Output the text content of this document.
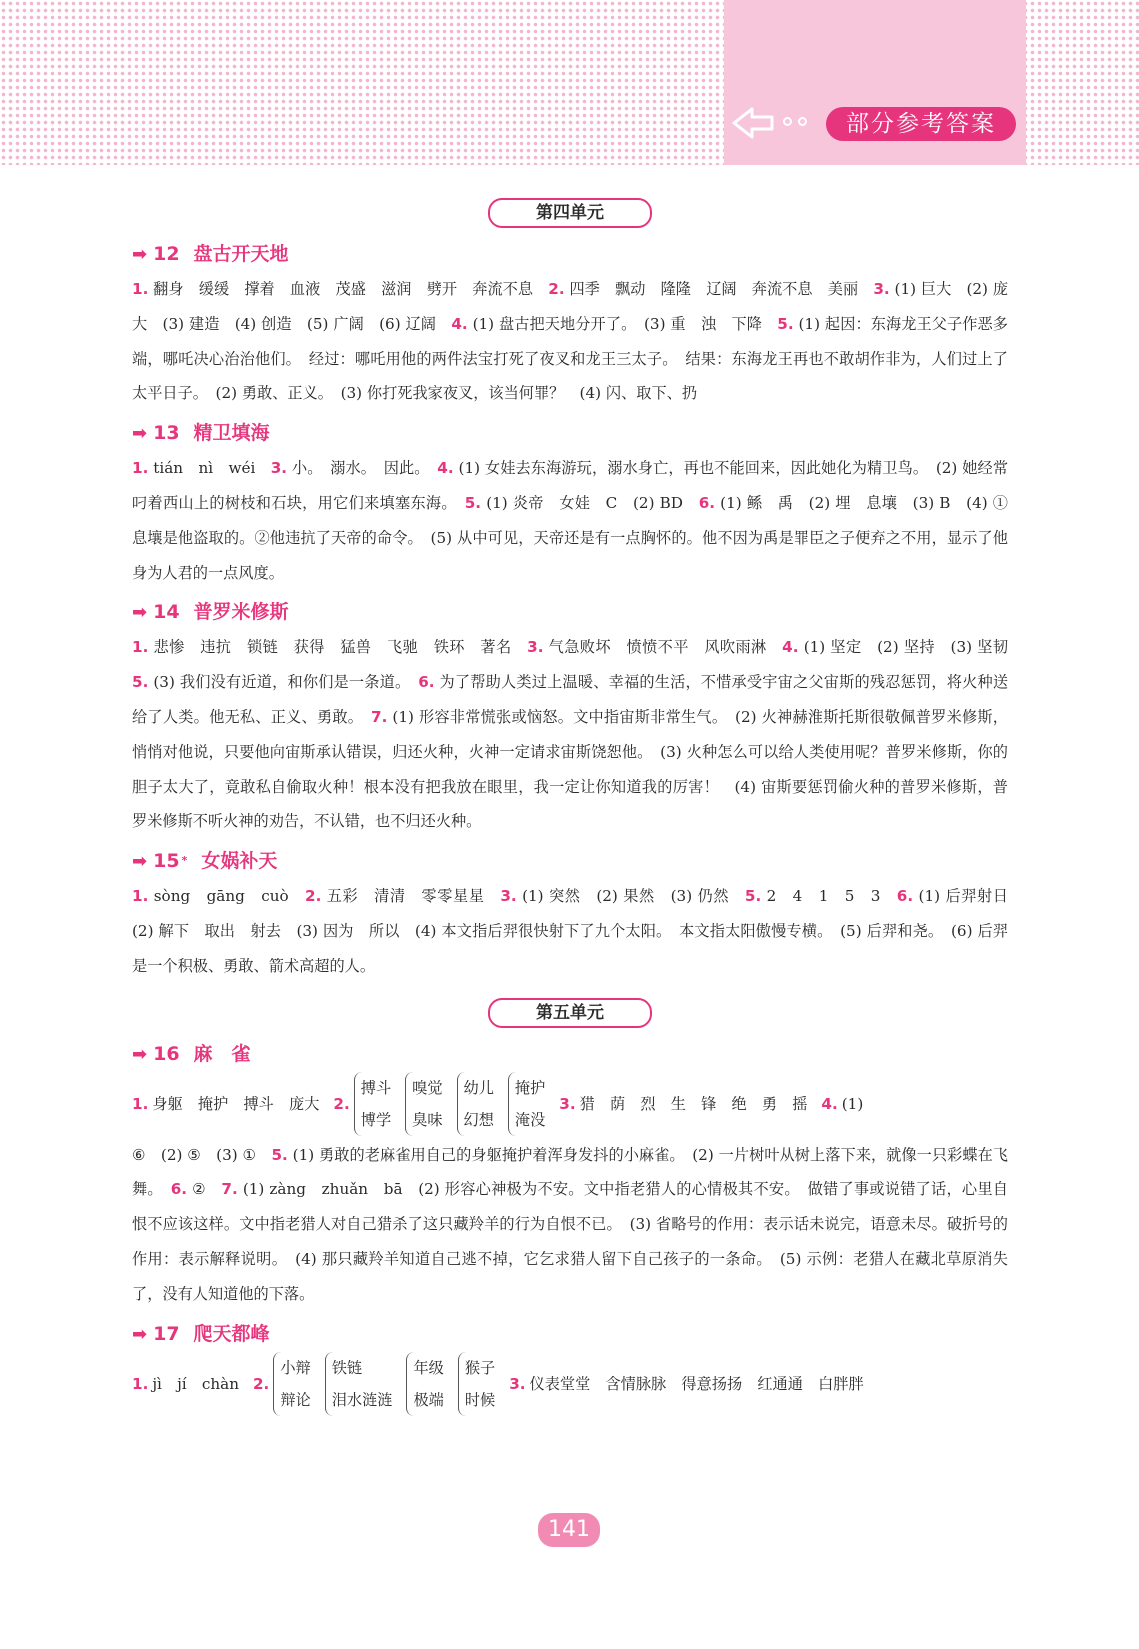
部分参考答案
第四单元
➡ 12 盘古开天地

1. 翻身　缓缓　撑着　血液　茂盛　滋润　劈开　奔流不息　2. 四季　飘动　隆隆　辽阔　奔流不息　美丽　3. (1) 巨大　(2) 庞大　(3) 建造　(4) 创造　(5) 广阔　(6) 辽阔　4. (1) 盘古把天地分开了。　(3) 重　浊　下降　5. (1) 起因：东海龙王父子作恶多端，哪吒决心治治他们。　经过：哪吒用他的两件法宝打死了夜叉和龙王三太子。　结果：东海龙王再也不敢胡作非为，人们过上了太平日子。　(2) 勇敢、正义。　(3) 你打死我家夜叉，该当何罪？　(4) 闪、取下、扔

➡ 13 精卫填海

1. tián　nì　wéi　3. 小。　溺水。　因此。　4. (1) 女娃去东海游玩，溺水身亡，再也不能回来，因此她化为精卫鸟。　(2) 她经常叼着西山上的树枝和石块，用它们来填塞东海。　5. (1) 炎帝　女娃　C　(2) BD　6. (1) 鲧　禹　(2) 埋　息壤　(3) B　(4) ①息壤是他盗取的。②他违抗了天帝的命令。　(5) 从中可见，天帝还是有一点胸怀的。他不因为禹是罪臣之子便弃之不用，显示了他身为人君的一点风度。

➡ 14 普罗米修斯

1. 悲惨　违抗　锁链　获得　猛兽　飞驰　铁环　著名　3. 气急败坏　愤愤不平　风吹雨淋　4. (1) 坚定　(2) 坚持　(3) 坚韧　5. (3) 我们没有近道，和你们是一条道。　6. 为了帮助人类过上温暖、幸福的生活，不惜承受宇宙之父宙斯的残忍惩罚，将火种送给了人类。他无私、正义、勇敢。　7. (1) 形容非常慌张或恼怒。文中指宙斯非常生气。　(2) 火神赫淮斯托斯很敬佩普罗米修斯，悄悄对他说，只要他向宙斯承认错误，归还火种，火神一定请求宙斯饶恕他。　(3) 火种怎么可以给人类使用呢？普罗米修斯，你的胆子太大了，竟敢私自偷取火种！根本没有把我放在眼里，我一定让你知道我的厉害！　(4) 宙斯要惩罚偷火种的普罗米修斯，普罗米修斯不听火神的劝告，不认错，也不归还火种。

➡ 15 * 女娲补天

1. sòng　gāng　cuò　2. 五彩　清清　零零星星　3. (1) 突然　(2) 果然　(3) 仍然　5. 2　4　1　5　3　6. (1) 后羿射日　(2) 解下　取出　射去　(3) 因为　所以　(4) 本文指后羿很快射下了九个太阳。　本文指太阳傲慢专横。　(5) 后羿和尧。　(6) 后羿是一个积极、勇敢、箭术高超的人。

第五单元
➡ 16 麻　雀
1. 身躯　掩护　搏斗　庞大 2.
搏斗
博学
嗅觉
臭味
幼儿
幻想
掩护
淹没
3. 猎　荫　烈　生　锋　绝　勇　摇 4. (1)

⑥　(2) ⑤　(3) ①　5. (1) 勇敢的老麻雀用自己的身躯掩护着浑身发抖的小麻雀。　(2) 一片树叶从树上落下来，就像一只彩蝶在飞舞。　6. ②　7. (1) zàng　zhuǎn　bā　(2) 形容心神极为不安。文中指老猎人的心情极其不安。　做错了事或说错了话，心里自恨不应该这样。文中指老猎人对自己猎杀了这只藏羚羊的行为自恨不已。　(3) 省略号的作用：表示话未说完，语意未尽。破折号的作用：表示解释说明。　(4) 那只藏羚羊知道自己逃不掉，它乞求猎人留下自己孩子的一条命。　(5) 示例：老猎人在藏北草原消失了，没有人知道他的下落。

➡ 17 爬天都峰
1. jì　jí　chàn 2.
小辩
辩论
铁链
泪水涟涟
年级
极端
猴子
时候
3. 仪表堂堂　含情脉脉　得意扬扬　红通通　白胖胖
141
